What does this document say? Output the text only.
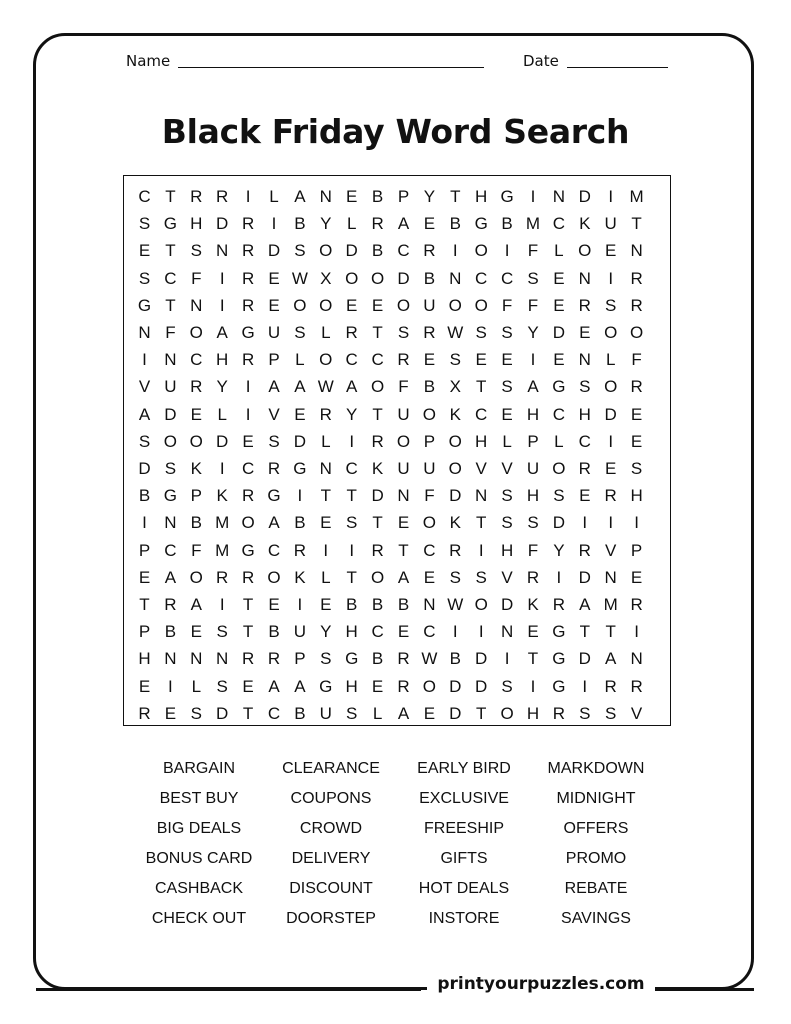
Name	Date
Black Friday Word Search
C T R R	I	L A N E B P Y T H G I	N D	I M
S G H D R	I	B Y L R A E B G B M C K U T
E T S N R D S O D B C R	I O I	F L O E N
S C F	I	R E W X O O D B N C C S E N	I	R
G T N	I	R E O O E E O U O O F F E R S R
N F O A G U S L R T S R W S S Y D E O O
I	N C H R P L O C C R E S E E	I	E N L F
V U R Y	I	A A W A O F B X T S A G S O R
A D E L	I	V E R Y T U O K C E H C H D E
S O O D E S D L	I	R O P O H L P L C	I	E
D S K	I	C R G N C K U U O V V U O R E S
B G P K R G I	T T D N F D N S H S E R H
I	N B M O A B E S T E O K T S S D	I	I	I
P C F M G C R	I	I	R T C R	I	H F Y R V P
E A O R R O K L T O A E S S V R	I	D N E
T R A	I	T E	I	E B B B N W O D K R A M R
P B E S T B U Y H C E C	I	I	N E G T T	I
H N N N R R P S G B R W B D	I	T G D A N
E	I	L S E A A G H E R O D D S	I G I	R R
R E S D T C B U S L A E D T O H R S S V
BARGAIN	CLEARANCE	EARLY BIRD	MARKDOWN
BEST BUY	COUPONS	EXCLUSIVE	MIDNIGHT
BIG DEALS	CROWD	FREESHIP	OFFERS
BONUS CARD	DELIVERY	GIFTS	PROMO
CASHBACK	DISCOUNT	HOT DEALS	REBATE
CHECK OUT	DOORSTEP	INSTORE	SAVINGS
printyourpuzzles.com
